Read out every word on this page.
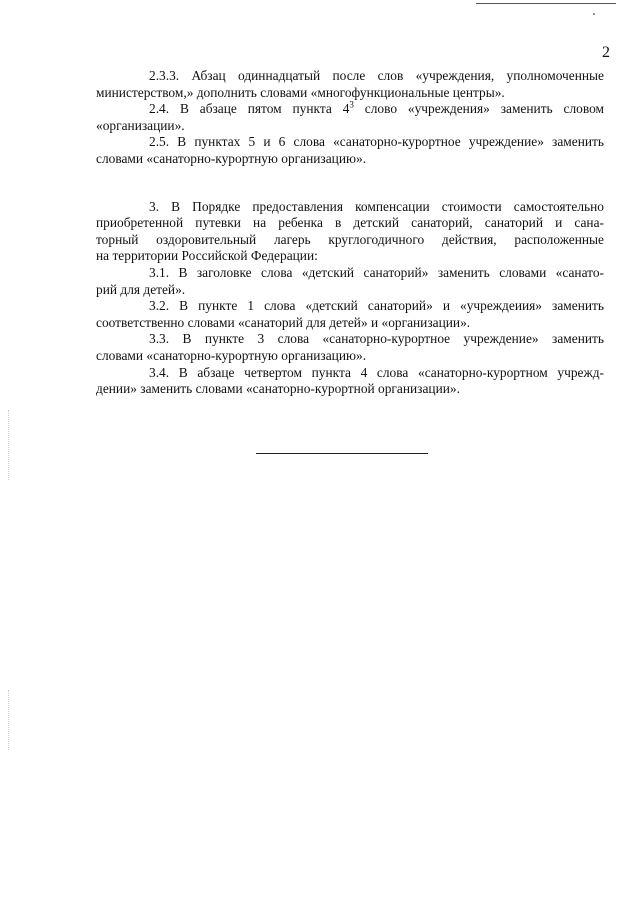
2
2.3.3. Абзац одиннадцатый после слов «учреждения, уполномоченные
министерством,» дополнить словами «многофункциональные центры».
2.4. В абзаце пятом пункта $4^3$ слово «учреждения» заменить словом
«организации».
2.5. В пунктах 5 и 6 слова «санаторно-курортное учреждение» заменить
словами «санаторно-курортную организацию».
3. В Порядке предоставления компенсации стоимости самостоятельно
приобретенной путевки на ребенка в детский санаторий, санаторий и сана-
торный оздоровительный лагерь круглогодичного действия, расположенные
на территории Российской Федерации:
3.1. В заголовке слова «детский санаторий» заменить словами «санато-
рий для детей».
3.2. В пункте 1 слова «детский санаторий» и «учреждеиия» заменить
соответственно словами «санаторий для детей» и «организации».
3.3. В пункте 3 слова «санаторно-курортное учреждение» заменить
словами «санаторно-курортную организацию».
3.4. В абзаце четвертом пункта 4 слова «санаторно-курортном учрежд-
дении» заменить словами «санаторно-курортной организации».
